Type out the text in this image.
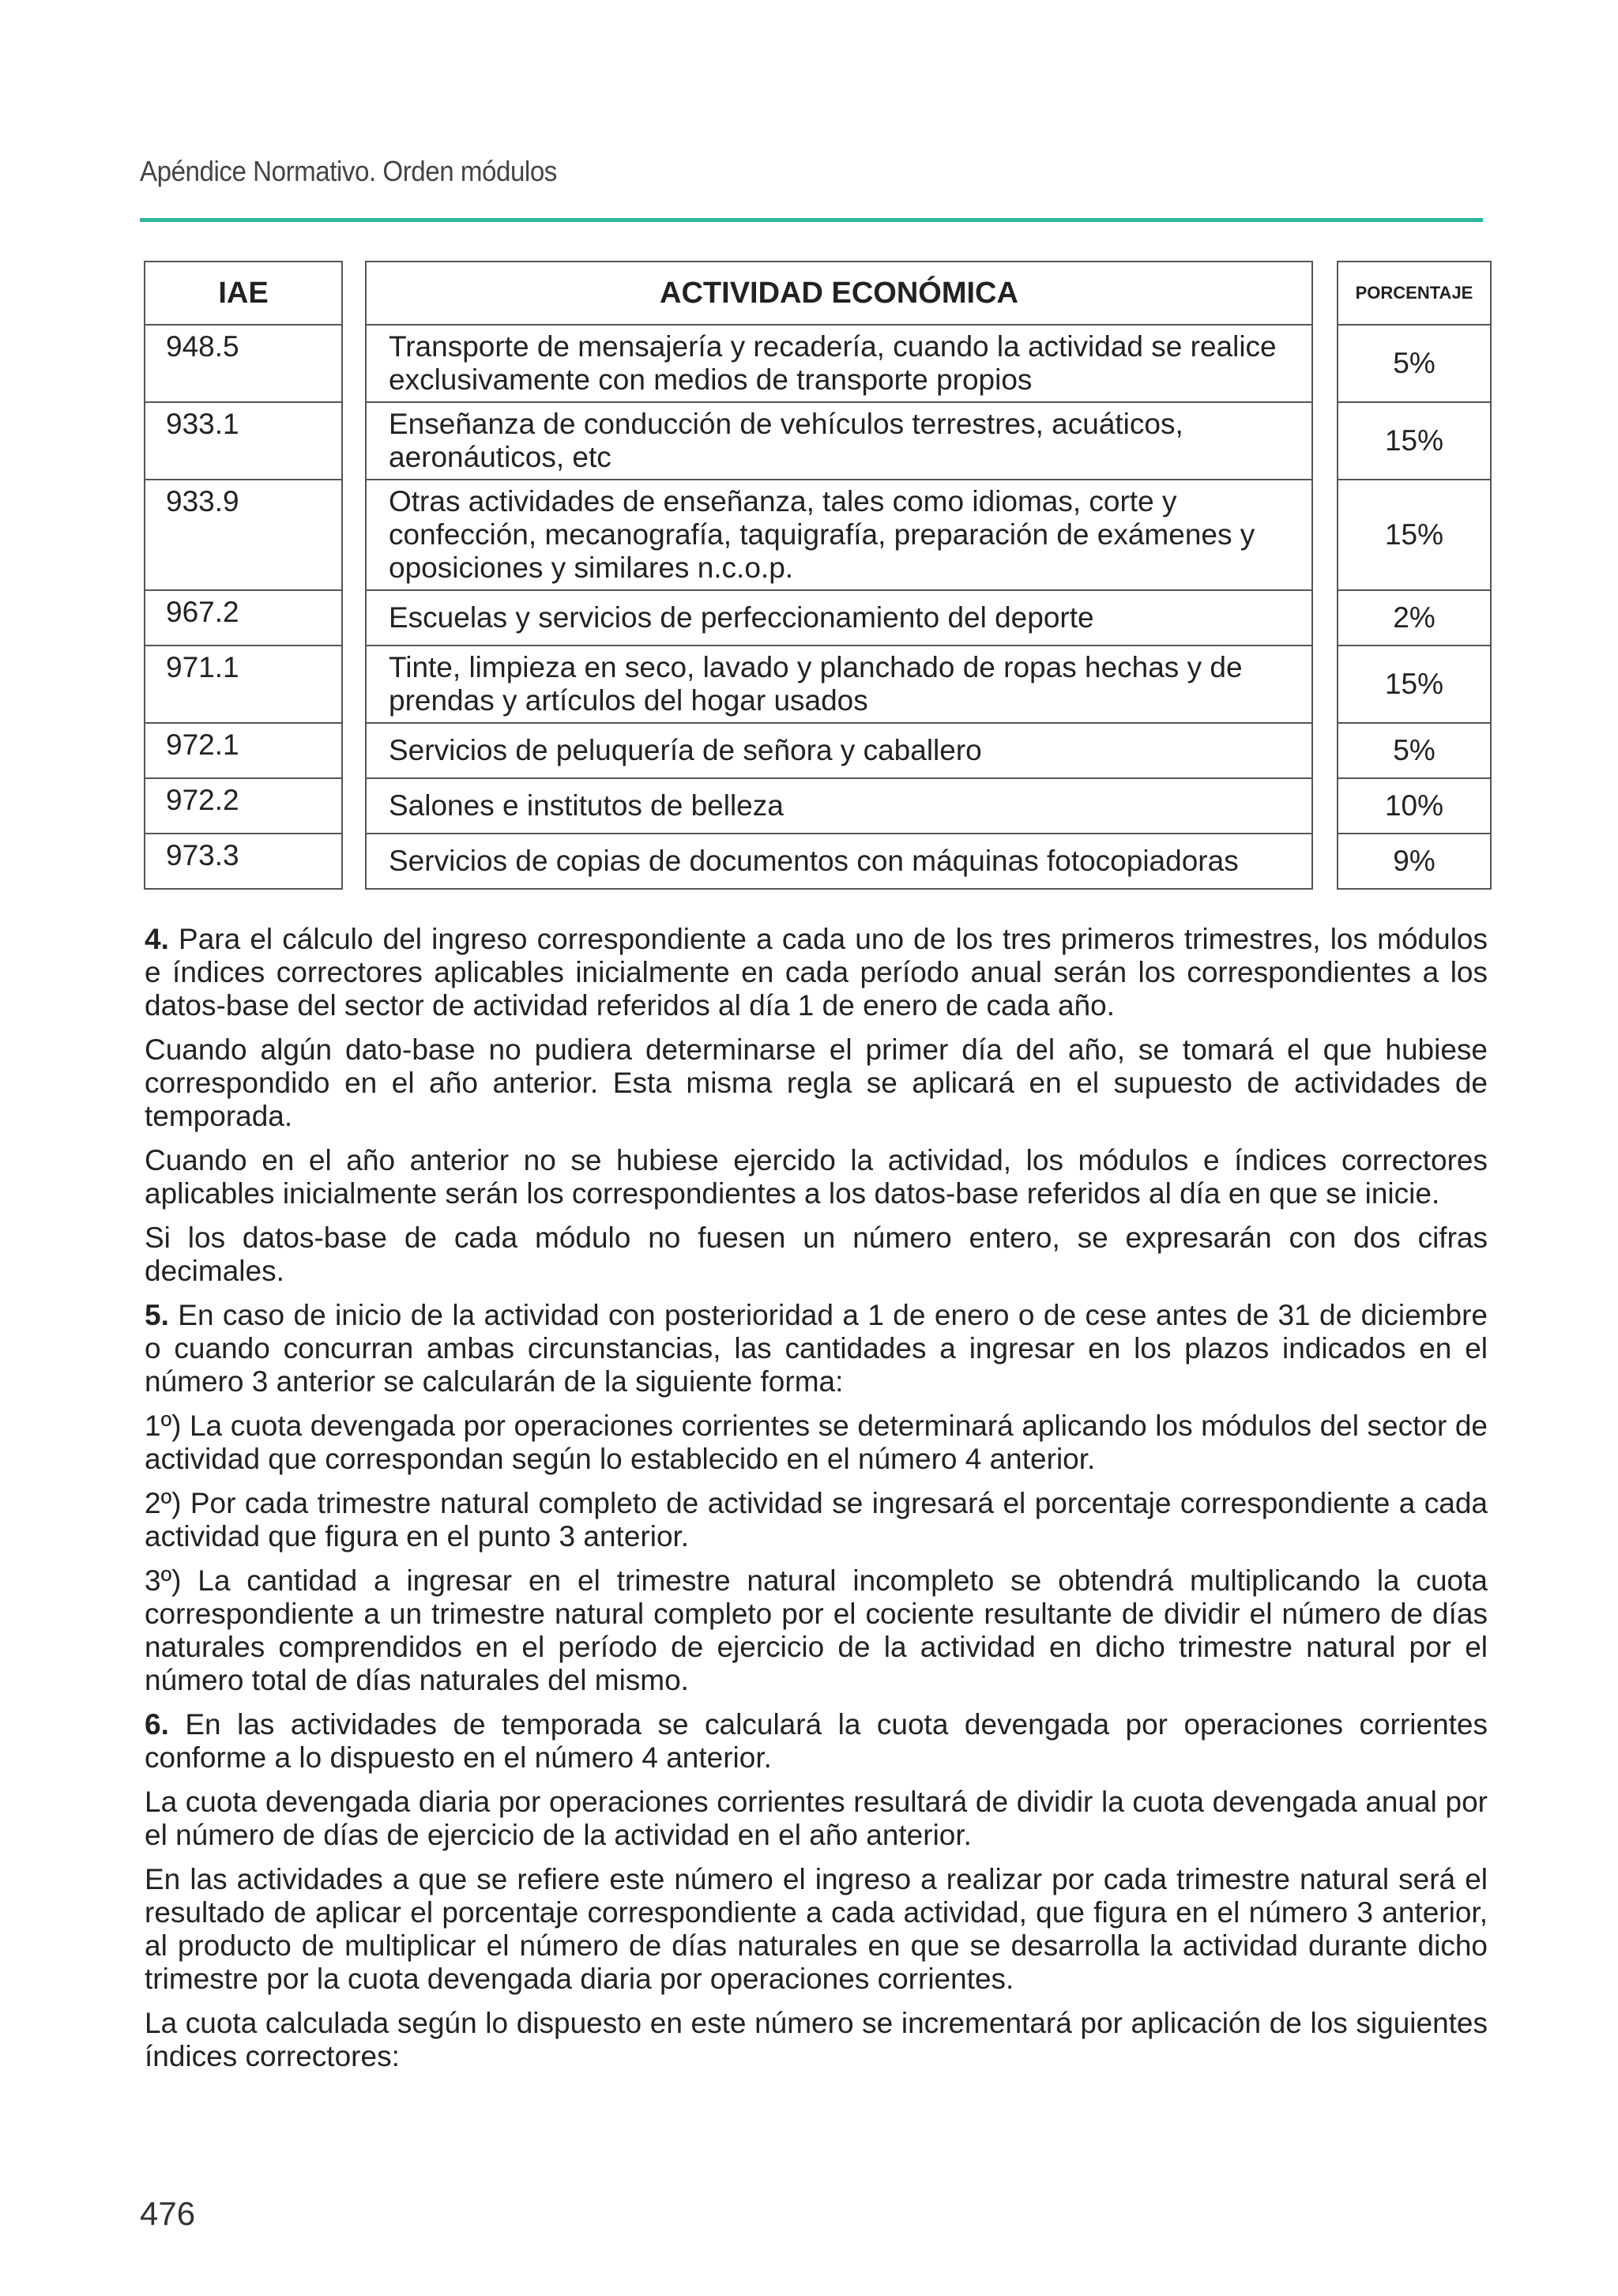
Apéndice Normativo. Orden módulos
IAE
948.5
933.1
933.9
967.2
971.1
972.1
972.2
973.3
ACTIVIDAD ECONÓMICA
Transporte de mensajería y recadería, cuando la actividad se realice exclusivamente con medios de transporte propios
Enseñanza de conducción de vehículos terrestres, acuáticos, aeronáuticos, etc
Otras actividades de enseñanza, tales como idiomas, corte y confección, mecanografía, taquigrafía, preparación de exámenes y oposiciones y similares n.c.o.p.
Escuelas y servicios de perfeccionamiento del deporte
Tinte, limpieza en seco, lavado y planchado de ropas hechas y de prendas y artículos del hogar usados
Servicios de peluquería de señora y caballero
Salones e institutos de belleza
Servicios de copias de documentos con máquinas fotocopiadoras
PORCENTAJE
5%
15%
15%
2%
15%
5%
10%
9%

4. Para el cálculo del ingreso correspondiente a cada uno de los tres primeros trimestres, los módulos e índices correctores aplicables inicialmente en cada período anual serán los correspondientes a los datos-base del sector de actividad referidos al día 1 de enero de cada año.

Cuando algún dato-base no pudiera determinarse el primer día del año, se tomará el que hubiese correspondido en el año anterior. Esta misma regla se aplicará en el supuesto de actividades de temporada.

Cuando en el año anterior no se hubiese ejercido la actividad, los módulos e índices correctores aplicables inicialmente serán los correspondientes a los datos-base referidos al día en que se inicie.

Si los datos-base de cada módulo no fuesen un número entero, se expresarán con dos cifras decimales.

5. En caso de inicio de la actividad con posterioridad a 1 de enero o de cese antes de 31 de diciembre o cuando concurran ambas circunstancias, las cantidades a ingresar en los plazos indicados en el número 3 anterior se calcularán de la siguiente forma:

1º) La cuota devengada por operaciones corrientes se determinará aplicando los módulos del sector de actividad que correspondan según lo establecido en el número 4 anterior.

2º) Por cada trimestre natural completo de actividad se ingresará el porcentaje correspondiente a cada actividad que figura en el punto 3 anterior.

3º) La cantidad a ingresar en el trimestre natural incompleto se obtendrá multiplicando la cuota correspondiente a un trimestre natural completo por el cociente resultante de dividir el número de días naturales comprendidos en el período de ejercicio de la actividad en dicho trimestre natural por el número total de días naturales del mismo.

6. En las actividades de temporada se calculará la cuota devengada por operaciones corrientes conforme a lo dispuesto en el número 4 anterior.

La cuota devengada diaria por operaciones corrientes resultará de dividir la cuota devengada anual por el número de días de ejercicio de la actividad en el año anterior.

En las actividades a que se refiere este número el ingreso a realizar por cada trimestre natural será el resultado de aplicar el porcentaje correspondiente a cada actividad, que figura en el número 3 anterior, al producto de multiplicar el número de días naturales en que se desarrolla la actividad durante dicho trimestre por la cuota devengada diaria por operaciones corrientes.

La cuota calculada según lo dispuesto en este número se incrementará por aplicación de los siguientes índices correctores:

476
